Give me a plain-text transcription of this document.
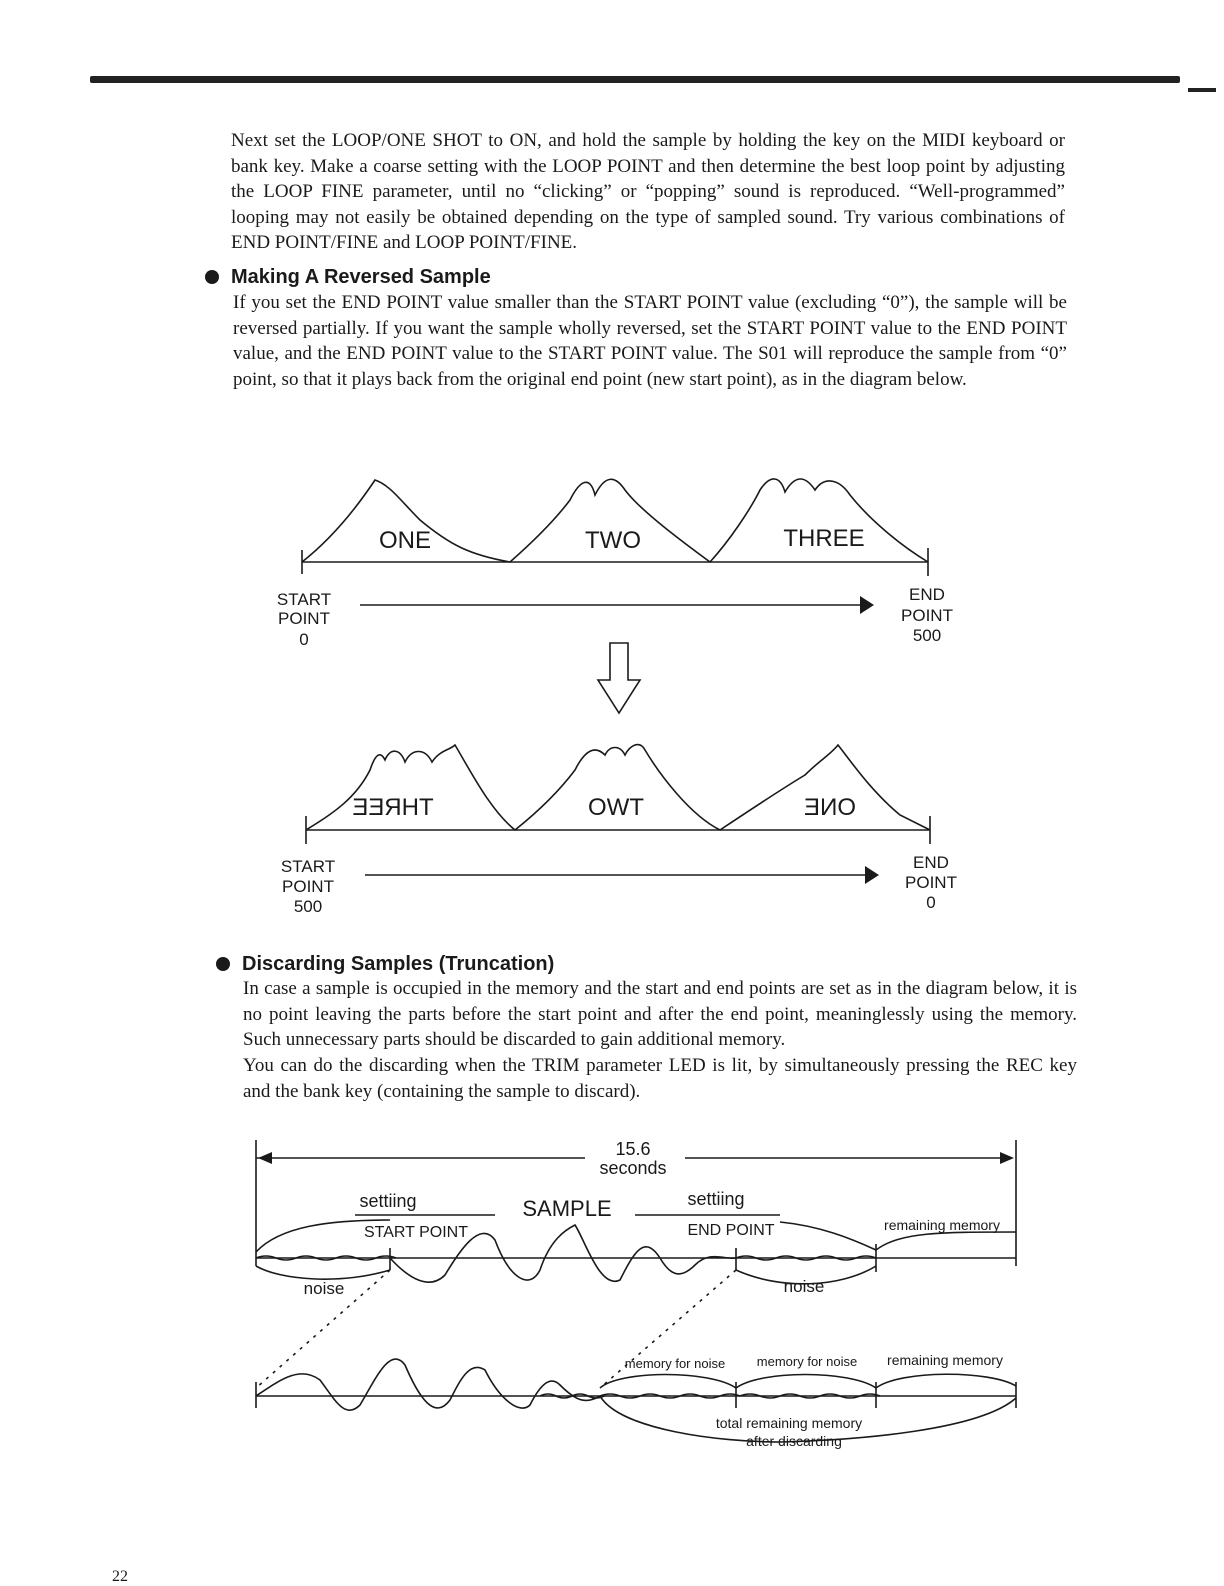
Next set the LOOP/ONE SHOT to ON, and hold the sample by holding the key on the MIDI keyboard or bank key. Make a coarse setting with the LOOP POINT and then determine the best loop point by adjusting the LOOP FINE parameter, until no “clicking” or “popping” sound is reproduced. “Well-programmed” looping may not easily be obtained depending on the type of sampled sound. Try various combinations of END POINT/FINE and LOOP POINT/FINE.

Making A Reversed Sample

If you set the END POINT value smaller than the START POINT value (excluding “0”), the sample will be reversed partially. If you want the sample wholly reversed, set the START POINT value to the END POINT value, and the END POINT value to the START POINT value. The S01 will reproduce the sample from “0” point, so that it plays back from the original end point (new start point), as in the diagram below.

ONE	TWO	THREE
START
POINT
0
END
POINT
500
THREE	TWO	ONE
START
POINT
500
END
POINT
0
Discarding Samples (Truncation)

In case a sample is occupied in the memory and the start and end points are set as in the diagram below, it is no point leaving the parts before the start point and after the end point, meaninglessly using the memory. Such unnecessary parts should be discarded to gain additional memory.

You can do the discarding when the TRIM parameter LED is lit, by simultaneously pressing the REC key and the bank key (containing the sample to discard).

15.6
seconds
SAMPLE
settiing	settiing
START POINT	END POINT	remaining memory
noise	noise
memory for noise memory for noise remaining memory
total remaining memory
after discarding
22
